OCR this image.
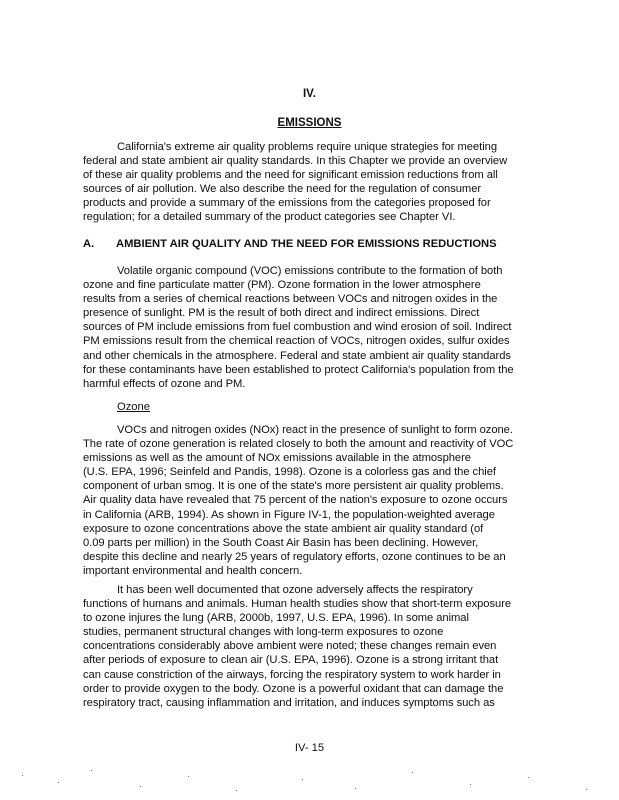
IV.
EMISSIONS
California's extreme air quality problems require unique strategies for meeting
federal and state ambient air quality standards. In this Chapter we provide an overview
of these air quality problems and the need for significant emission reductions from all
sources of air pollution. We also describe the need for the regulation of consumer
products and provide a summary of the emissions from the categories proposed for
regulation; for a detailed summary of the product categories see Chapter VI.
A. AMBIENT AIR QUALITY AND THE NEED FOR EMISSIONS REDUCTIONS
Volatile organic compound (VOC) emissions contribute to the formation of both
ozone and fine particulate matter (PM). Ozone formation in the lower atmosphere
results from a series of chemical reactions between VOCs and nitrogen oxides in the
presence of sunlight. PM is the result of both direct and indirect emissions. Direct
sources of PM include emissions from fuel combustion and wind erosion of soil. Indirect
PM emissions result from the chemical reaction of VOCs, nitrogen oxides, sulfur oxides
and other chemicals in the atmosphere. Federal and state ambient air quality standards
for these contaminants have been established to protect California's population from the
harmful effects of ozone and PM.
Ozone
VOCs and nitrogen oxides (NOx) react in the presence of sunlight to form ozone.
The rate of ozone generation is related closely to both the amount and reactivity of VOC
emissions as well as the amount of NOx emissions available in the atmosphere
(U.S. EPA, 1996; Seinfeld and Pandis, 1998). Ozone is a colorless gas and the chief
component of urban smog. It is one of the state's more persistent air quality problems.
Air quality data have revealed that 75 percent of the nation's exposure to ozone occurs
in California (ARB, 1994). As shown in Figure IV-1, the population-weighted average
exposure to ozone concentrations above the state ambient air quality standard (of
0.09 parts per million) in the South Coast Air Basin has been declining. However,
despite this decline and nearly 25 years of regulatory efforts, ozone continues to be an
important environmental and health concern.
It has been well documented that ozone adversely affects the respiratory
functions of humans and animals. Human health studies show that short-term exposure
to ozone injures the lung (ARB, 2000b, 1997, U.S. EPA, 1996). In some animal
studies, permanent structural changes with long-term exposures to ozone
concentrations considerably above ambient were noted; these changes remain even
after periods of exposure to clean air (U.S. EPA, 1996). Ozone is a strong irritant that
can cause constriction of the airways, forcing the respiratory system to work harder in
order to provide oxygen to the body. Ozone is a powerful oxidant that can damage the
respiratory tract, causing inflammation and irritation, and induces symptoms such as
IV- 15
